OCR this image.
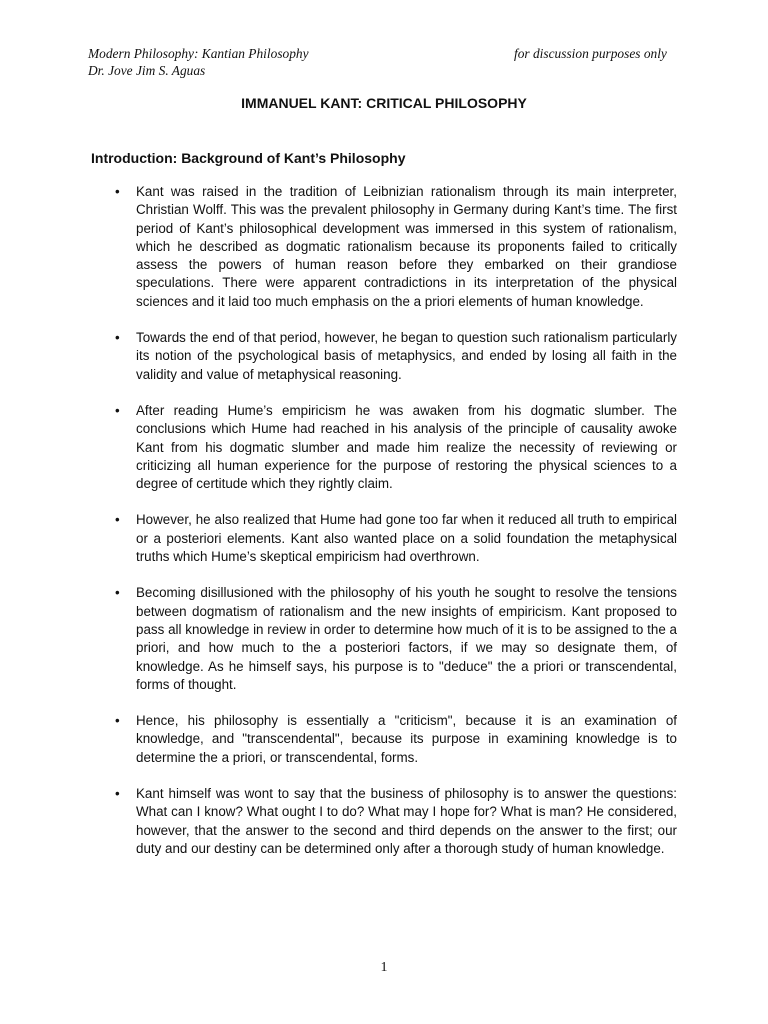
Modern Philosophy: Kantian Philosophy
Dr. Jove Jim S. Aguas
for discussion purposes only
IMMANUEL KANT: CRITICAL PHILOSOPHY
Introduction: Background of Kant’s Philosophy
• Kant was raised in the tradition of Leibnizian rationalism through its main interpreter, Christian Wolff. This was the prevalent philosophy in Germany during Kant’s time. The first period of Kant’s philosophical development was immersed in this system of rationalism, which he described as dogmatic rationalism because its proponents failed to critically assess the powers of human reason before they embarked on their grandiose speculations. There were apparent contradictions in its interpretation of the physical sciences and it laid too much emphasis on the a priori elements of human knowledge.
• Towards the end of that period, however, he began to question such rationalism particularly its notion of the psychological basis of metaphysics, and ended by losing all faith in the validity and value of metaphysical reasoning.
• After reading Hume’s empiricism he was awaken from his dogmatic slumber. The conclusions which Hume had reached in his analysis of the principle of causality awoke Kant from his dogmatic slumber and made him realize the necessity of reviewing or criticizing all human experience for the purpose of restoring the physical sciences to a degree of certitude which they rightly claim.
• However, he also realized that Hume had gone too far when it reduced all truth to empirical or a posteriori elements. Kant also wanted place on a solid foundation the metaphysical truths which Hume’s skeptical empiricism had overthrown.
• Becoming disillusioned with the philosophy of his youth he sought to resolve the tensions between dogmatism of rationalism and the new insights of empiricism. Kant proposed to pass all knowledge in review in order to determine how much of it is to be assigned to the a priori, and how much to the a posteriori factors, if we may so designate them, of knowledge. As he himself says, his purpose is to "deduce" the a priori or transcendental, forms of thought.
• Hence, his philosophy is essentially a "criticism", because it is an examination of knowledge, and "transcendental", because its purpose in examining knowledge is to determine the a priori, or transcendental, forms.
• Kant himself was wont to say that the business of philosophy is to answer the questions: What can I know? What ought I to do? What may I hope for? What is man? He considered, however, that the answer to the second and third depends on the answer to the first; our duty and our destiny can be determined only after a thorough study of human knowledge.
1
